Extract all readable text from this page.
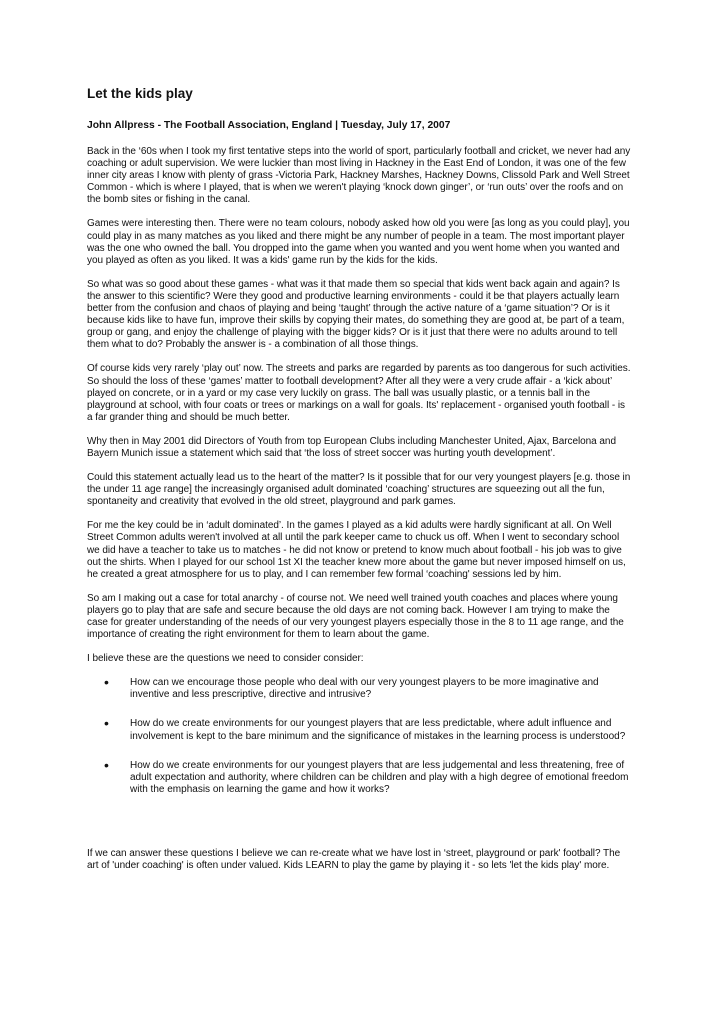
Let the kids play

John Allpress - The Football Association, England | Tuesday, July 17, 2007

Back in the ‘60s when I took my first tentative steps into the world of sport, particularly football and cricket, we never had any coaching or adult supervision. We were luckier than most living in Hackney in the East End of London, it was one of the few inner city areas I know with plenty of grass -Victoria Park, Hackney Marshes, Hackney Downs, Clissold Park and Well Street Common - which is where I played, that is when we weren't playing ‘knock down ginger’, or ‘run outs’ over the roofs and on the bomb sites or fishing in the canal.

Games were interesting then. There were no team colours, nobody asked how old you were [as long as you could play], you could play in as many matches as you liked and there might be any number of people in a team. The most important player was the one who owned the ball. You dropped into the game when you wanted and you went home when you wanted and you played as often as you liked. It was a kids' game run by the kids for the kids.

So what was so good about these games - what was it that made them so special that kids went back again and again? Is the answer to this scientific? Were they good and productive learning environments - could it be that players actually learn better from the confusion and chaos of playing and being ‘taught’ through the active nature of a ‘game situation’? Or is it because kids like to have fun, improve their skills by copying their mates, do something they are good at, be part of a team, group or gang, and enjoy the challenge of playing with the bigger kids? Or is it just that there were no adults around to tell them what to do? Probably the answer is - a combination of all those things.

Of course kids very rarely ‘play out’ now. The streets and parks are regarded by parents as too dangerous for such activities. So should the loss of these ‘games’ matter to football development? After all they were a very crude affair - a ‘kick about’ played on concrete, or in a yard or my case very luckily on grass. The ball was usually plastic, or a tennis ball in the playground at school, with four coats or trees or markings on a wall for goals. Its' replacement - organised youth football - is a far grander thing and should be much better.

Why then in May 2001 did Directors of Youth from top European Clubs including Manchester United, Ajax, Barcelona and Bayern Munich issue a statement which said that ‘the loss of street soccer was hurting youth development’.

Could this statement actually lead us to the heart of the matter? Is it possible that for our very youngest players [e.g. those in the under 11 age range] the increasingly organised adult dominated ‘coaching’ structures are squeezing out all the fun, spontaneity and creativity that evolved in the old street, playground and park games.

For me the key could be in ‘adult dominated’. In the games I played as a kid adults were hardly significant at all. On Well Street Common adults weren't involved at all until the park keeper came to chuck us off. When I went to secondary school we did have a teacher to take us to matches - he did not know or pretend to know much about football - his job was to give out the shirts. When I played for our school 1st XI the teacher knew more about the game but never imposed himself on us, he created a great atmosphere for us to play, and I can remember few formal ‘coaching' sessions led by him.

So am I making out a case for total anarchy - of course not. We need well trained youth coaches and places where young players go to play that are safe and secure because the old days are not coming back. However I am trying to make the case for greater understanding of the needs of our very youngest players especially those in the 8 to 11 age range, and the importance of creating the right environment for them to learn about the game.

I believe these are the questions we need to consider consider:

• How can we encourage those people who deal with our very youngest players to be more imaginative and inventive and less prescriptive, directive and intrusive?
• How do we create environments for our youngest players that are less predictable, where adult influence and involvement is kept to the bare minimum and the significance of mistakes in the learning process is understood?
• How do we create environments for our youngest players that are less judgemental and less threatening, free of adult expectation and authority, where children can be children and play with a high degree of emotional freedom with the emphasis on learning the game and how it works?

If we can answer these questions I believe we can re-create what we have lost in ‘street, playground or park' football? The art of 'under coaching' is often under valued. Kids LEARN to play the game by playing it - so lets 'let the kids play' more.
